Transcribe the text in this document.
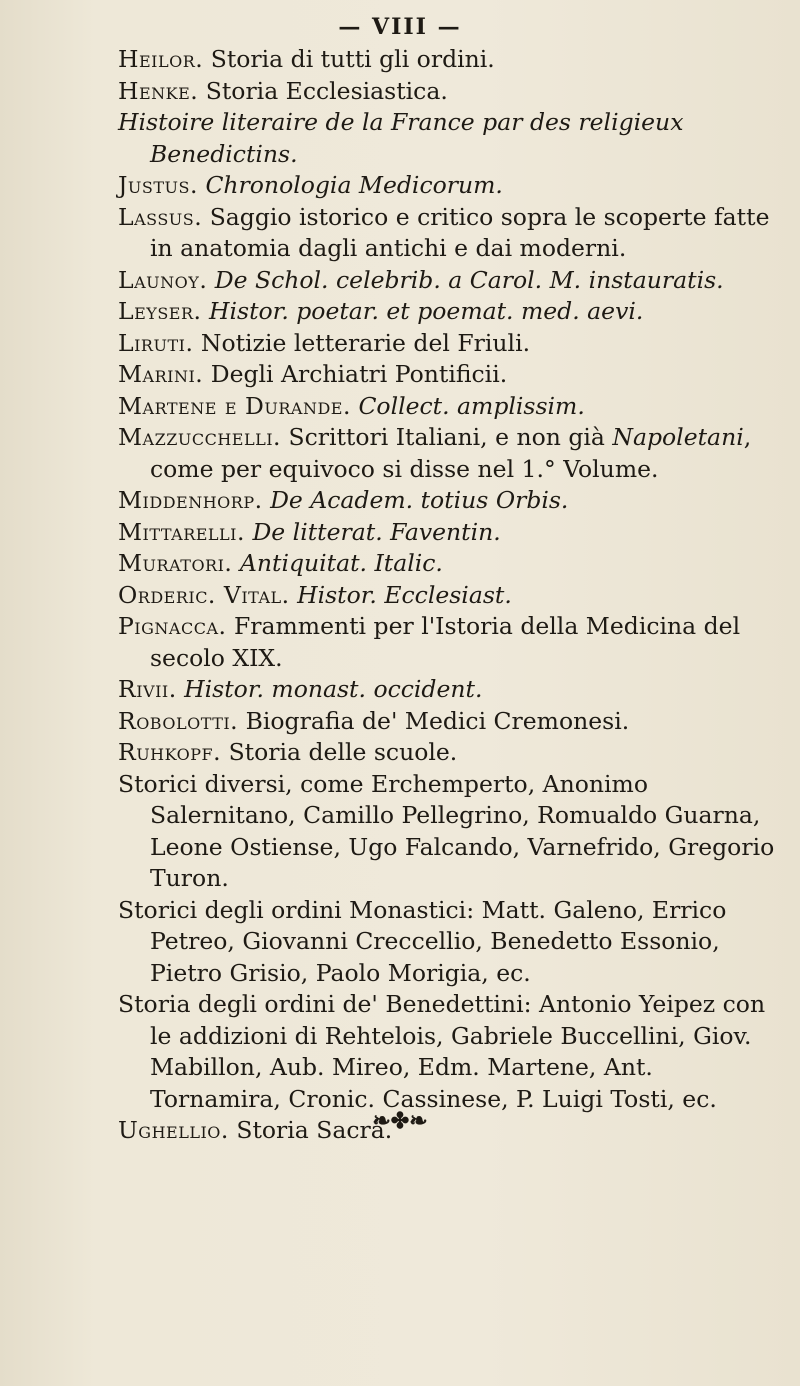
— VIII —

Heilor. Storia di tutti gli ordini.

Henke. Storia Ecclesiastica.

Histoire literaire de la France par des religieux Benedictins.

Justus. Chronologia Medicorum.

Lassus. Saggio istorico e critico sopra le scoperte fatte in anatomia dagli antichi e dai moderni.

Launoy. De Schol. celebrib. a Carol. M. instauratis.

Leyser. Histor. poetar. et poemat. med. aevi.

Liruti. Notizie letterarie del Friuli.

Marini. Degli Archiatri Pontificii.

Martene e Durande. Collect. amplissim.

Mazzucchelli. Scrittori Italiani, e non già Napoletani, come per equivoco si disse nel 1.° Volume.

Middenhorp. De Academ. totius Orbis.

Mittarelli. De litterat. Faventin.

Muratori. Antiquitat. Italic.

Orderic. Vital. Histor. Ecclesiast.

Pignacca. Frammenti per l'Istoria della Medicina del secolo XIX.

Rivii. Histor. monast. occident.

Robolotti. Biografia de' Medici Cremonesi.

Ruhkopf. Storia delle scuole.

Storici diversi, come Erchemperto, Anonimo Salernitano, Camillo Pellegrino, Romualdo Guarna, Leone Ostiense, Ugo Falcando, Varnefrido, Gregorio Turon.

Storici degli ordini Monastici: Matt. Galeno, Errico Petreo, Giovanni Creccellio, Benedetto Essonio, Pietro Grisio, Paolo Morigia, ec.

Storia degli ordini de' Benedettini: Antonio Yeipez con le addizioni di Rehtelois, Gabriele Buccellini, Giov. Mabillon, Aub. Mireo, Edm. Martene, Ant. Tornamira, Cronic. Cassinese, P. Luigi Tosti, ec.

Ughellio. Storia Sacra.

❧✤❧
